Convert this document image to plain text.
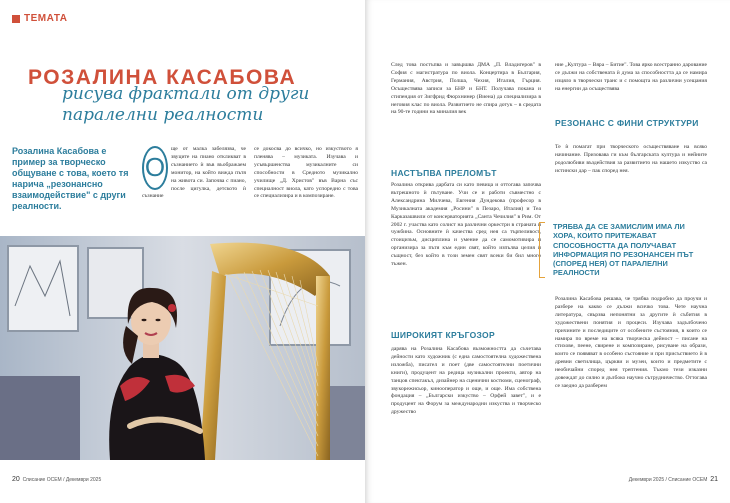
ТЕМАТА
РОЗАЛИНА КАСАБОВА
рисува фрактали от други паралелни реалности
Розалина Касабова е пример за творческо общуване с това, което тя нарича „резонансно взаимодействие" с други реалности.
О
ще от малка забелязва, че звуците на пиано откликват в съзнанието ѝ във въображаем монитор, на който вижда пътя на живота си. Започва с пиано, после цигулка, детското ѝ съзнание
се докосва до всичко, но изкуството я пленява – музиката. Изучава и усъвършенства музикалните си способности в Средното музикално училище „Д. Христов" във Варна със специалност виола, като успоредно с това се специализира и в композиране.
20 Списание ОСЕМ / Декември 2025
След това постъпва и завършва ДМА „П. Владигеров" в София с магистратура по виола. Концертира в България, Германия, Австрия, Полша, Чехия, Италия, Гърция. Осъществява записи за БНР и БНТ. Получава покана и стипендия от Зигфрид Фюрхнинер (Виена) да специализира в неговия клас по виола. Развитието не спира дотук – в средата на 90-те години на миналия век
НАСТЪПВА ПРЕЛОМЪТ
Розалина открива дарбата си като певица и оттогава започва вътрешното ѝ пътуване. Учи се и работи съвместно с Александрина Милчева, Евгения Дундекова (професор в Музикалната академия „Росини" в Пезаро, Италия) и Теа Карказашвили от консерваторията „Санта Чечилия" в Рим. От 2002 г. участва като солист на различни оркестри в страната и чужбина. Основните ѝ качества сред нея са търпеливост, стоицизъм, дисциплина и умение да се самомотивира и организира за пътя към един свят, който изпълва целия ѝ същност, без който в този земен свят всеки би бил много тъжен.
ШИРОКИЯТ КРЪГОЗОР
дарява на Розалина Касабова възможността да съчетава дейности като художник (с една самостоятелна художествена изложба), писател и поет (две самостоятелни поетични книги), продуцент на редица музикални проекти, автор на танцов спектакъл, дизайнер на сценични костюми, сценограф, звукорежисьор, кинооператор и още, и още. Има собствена фондация – „Български изкуство – Орфей завет", и е продуцент на Форум за международни изкуства и творческо дружество
ние „Култура – Вяра – Битие". Това ярко всестранно дарование се дължи на собствената ѝ дума за способността да се намира изцяло в творчески транс и с помощта на различни усещания на енергии да осъществява
РЕЗОНАНС С ФИНИ СТРУКТУРИ
Те ѝ помагат при творческото осъществяване на всяко начинание. Призовава ги към българската култура и нейните родолюбиви въздействия за развитието на нашето изкуство са истински дар – пак според нея.
ТРЯБВА ДА СЕ ЗАМИСЛИМ ИМА ЛИ ХОРА, КОИТО ПРИТЕЖАВАТ СПОСОБНОСТТА ДА ПОЛУЧАВАТ ИНФОРМАЦИЯ ПО РЕЗОНАНСЕН ПЪТ (СПОРЕД НЕЯ) ОТ ПАРАЛЕЛНИ РЕАЛНОСТИ
Розалина Касабова решава, че трябва подробно да проучи и разбере на какво се дължи всичко това. Чете научна литература, свързва непонятни за другите ѝ събития в художествени понятия и процеси. Изучава задълбочено причините и последиците от особените състояния, в които се намира по време на всяка творческа дейност – писане на стихове, пеене, свирене и композиране, рисуване на образи, които се появяват в особено състояние и при присъствието ѝ в древни светилища, църкви и музеи, които и предметите с необичайни според нея трептения. Тъкмо тези изказни довеждат до силно и дълбоко научно сътрудничество. Оттогава се заедно да разберем
Декември 2025 / Списание ОСЕМ 21
